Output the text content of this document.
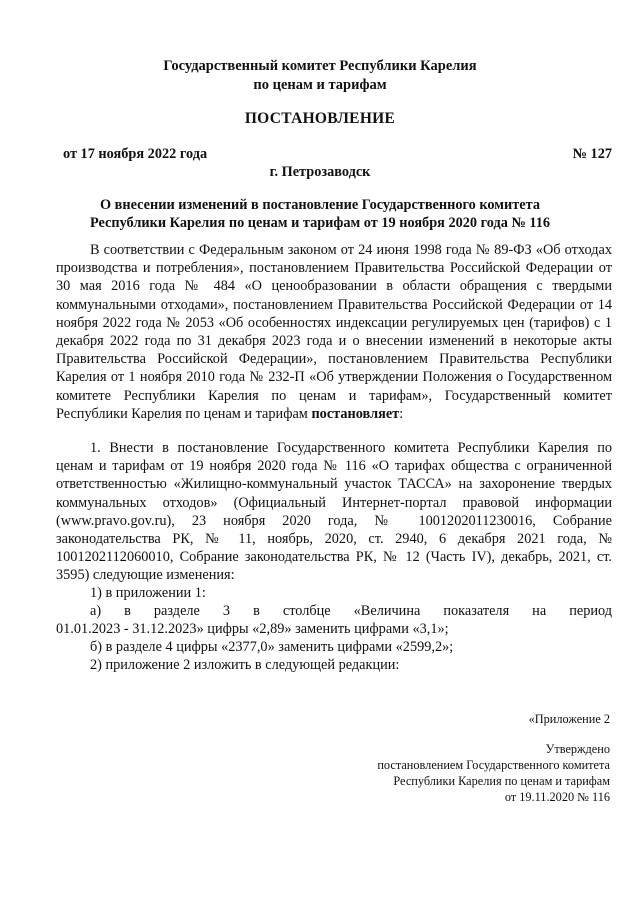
Государственный комитет Республики Карелия
по ценам и тарифам
ПОСТАНОВЛЕНИЕ
от 17 ноября 2022 года	№ 127
г. Петрозаводск
О внесении изменений в постановление Государственного комитета
Республики Карелия по ценам и тарифам от 19 ноября 2020 года № 116

В соответствии с Федеральным законом от 24 июня 1998 года № 89-ФЗ «Об отходах производства и потребления», постановлением Правительства Российской Федерации от 30 мая 2016 года № 484 «О ценообразовании в области обращения с твердыми коммунальными отходами», постановлением Правительства Российской Федерации от 14 ноября 2022 года № 2053 «Об особенностях индексации регулируемых цен (тарифов) с 1 декабря 2022 года по 31 декабря 2023 года и о внесении изменений в некоторые акты Правительства Российской Федерации», постановлением Правительства Республики Карелия от 1 ноября 2010 года № 232-П «Об утверждении Положения о Государственном комитете Республики Карелия по ценам и тарифам», Государственный комитет Республики Карелия по ценам и тарифам постановляет:

1. Внести в постановление Государственного комитета Республики Карелия по ценам и тарифам от 19 ноября 2020 года № 116 «О тарифах общества с ограниченной ответственностью «Жилищно-коммунальный участок ТАССА» на захоронение твердых коммунальных отходов» (Официальный Интернет-портал правовой информации (www.pravo.gov.ru), 23 ноября 2020 года, № 1001202011230016, Собрание законодательства РК, № 11, ноябрь, 2020, ст. 2940, 6 декабря 2021 года, № 1001202112060010, Собрание законодательства РК, № 12 (Часть IV), декабрь, 2021, ст. 3595) следующие изменения:

1) в приложении 1:

а) в разделе 3 в столбце «Величина показателя на период

01.01.2023 - 31.12.2023» цифры «2,89» заменить цифрами «3,1»;

б) в разделе 4 цифры «2377,0» заменить цифрами «2599,2»;

2) приложение 2 изложить в следующей редакции:

«Приложение 2
Утверждено
постановлением Государственного комитета
Республики Карелия по ценам и тарифам
от 19.11.2020 № 116
